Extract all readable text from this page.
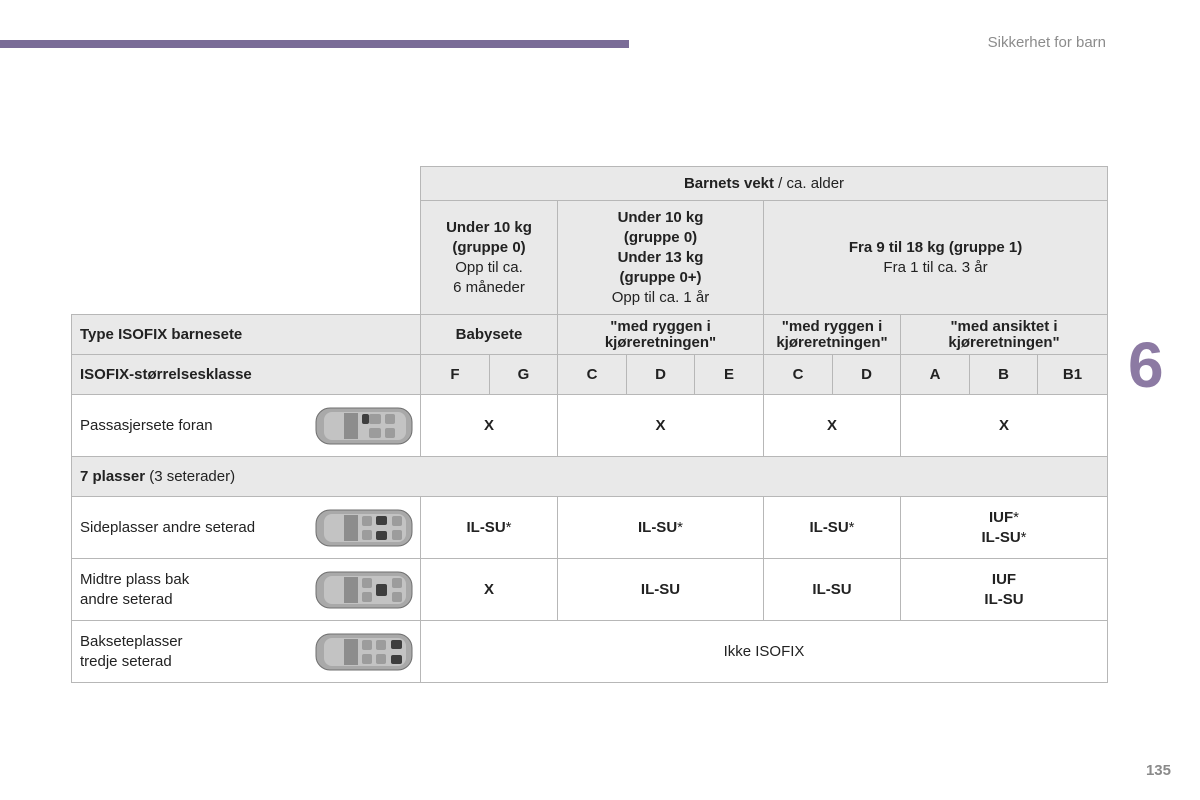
Sikkerhet for barn
6
	Barnets vekt / ca. alder									
	Under 10 kg
(gruppe 0)
Opp til ca.
6 måneder		Under 10 kg
(gruppe 0)
Under 13 kg
(gruppe 0+)
Opp til ca. 1 år			Fra 9 til 18 kg (gruppe 1)
Fra 1 til ca. 3 år				
Type ISOFIX barnesete	Babysete		"med ryggen i kjøreretningen"			"med ryggen i kjøreretningen"		"med ansiktet i kjøreretningen"		
ISOFIX-størrelsesklasse	F	G	C	D	E	C	D	A	B	B1

Passasjersete foran	X		X			X		X		
7 plasser (3 seterader)										

Sideplasser andre seterad	IL-SU*		IL-SU*			IL-SU*		IUF*
IL-SU*		

Midtre plass bak
andre seterad	X		IL-SU			IL-SU		IUF
IL-SU		

Bakseteplasser
tredje seterad	Ikke ISOFIX									
135
